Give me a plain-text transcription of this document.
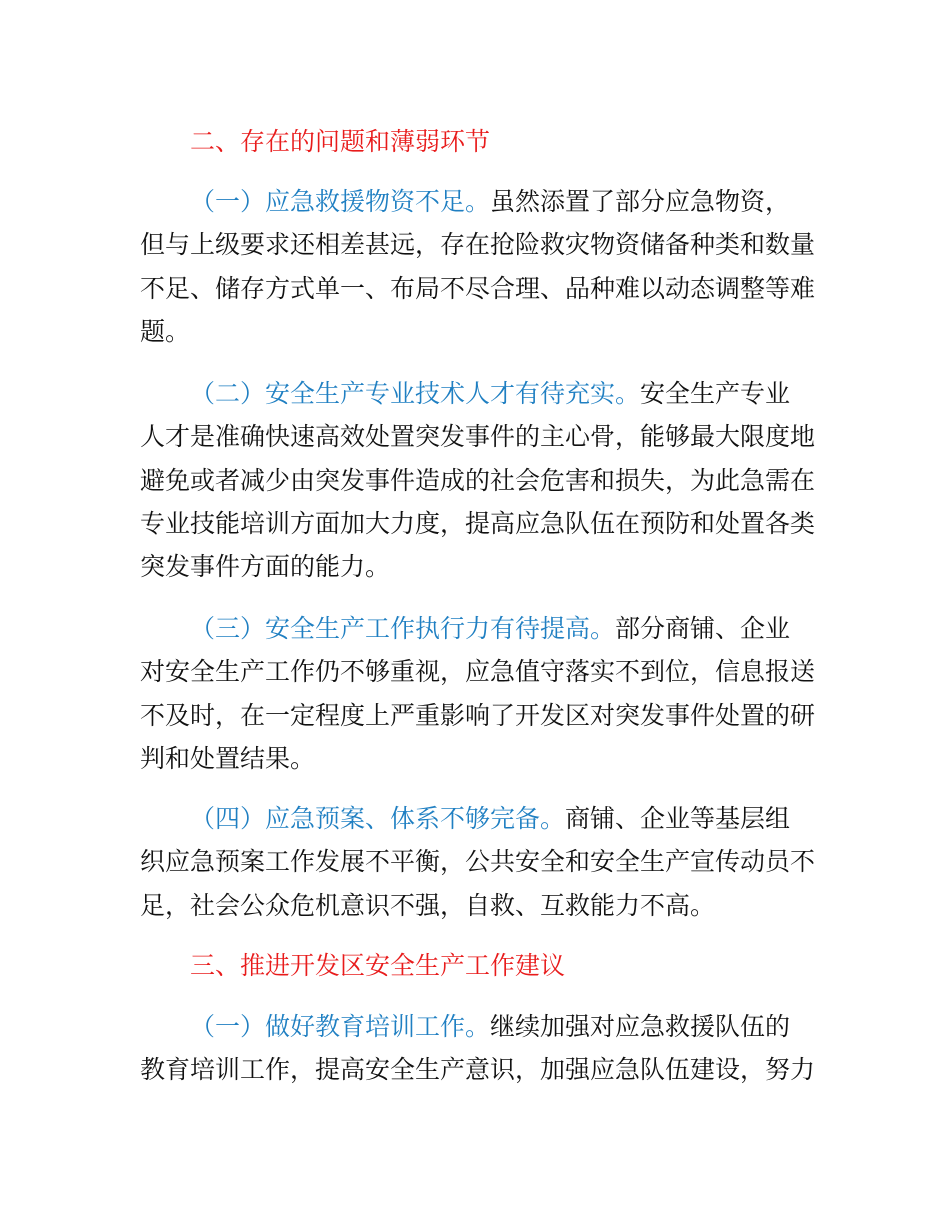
二、存在的问题和薄弱环节
（一）应急救援物资不足。虽然添置了部分应急物资，
但与上级要求还相差甚远，存在抢险救灾物资储备种类和数量
不足、储存方式单一、布局不尽合理、品种难以动态调整等难
题。
（二）安全生产专业技术人才有待充实。安全生产专业
人才是准确快速高效处置突发事件的主心骨，能够最大限度地
避免或者减少由突发事件造成的社会危害和损失，为此急需在
专业技能培训方面加大力度，提高应急队伍在预防和处置各类
突发事件方面的能力。
（三）安全生产工作执行力有待提高。部分商铺、企业
对安全生产工作仍不够重视，应急值守落实不到位，信息报送
不及时，在一定程度上严重影响了开发区对突发事件处置的研
判和处置结果。
（四）应急预案、体系不够完备。商铺、企业等基层组
织应急预案工作发展不平衡，公共安全和安全生产宣传动员不
足，社会公众危机意识不强，自救、互救能力不高。
三、推进开发区安全生产工作建议
（一）做好教育培训工作。继续加强对应急救援队伍的
教育培训工作，提高安全生产意识，加强应急队伍建设，努力
